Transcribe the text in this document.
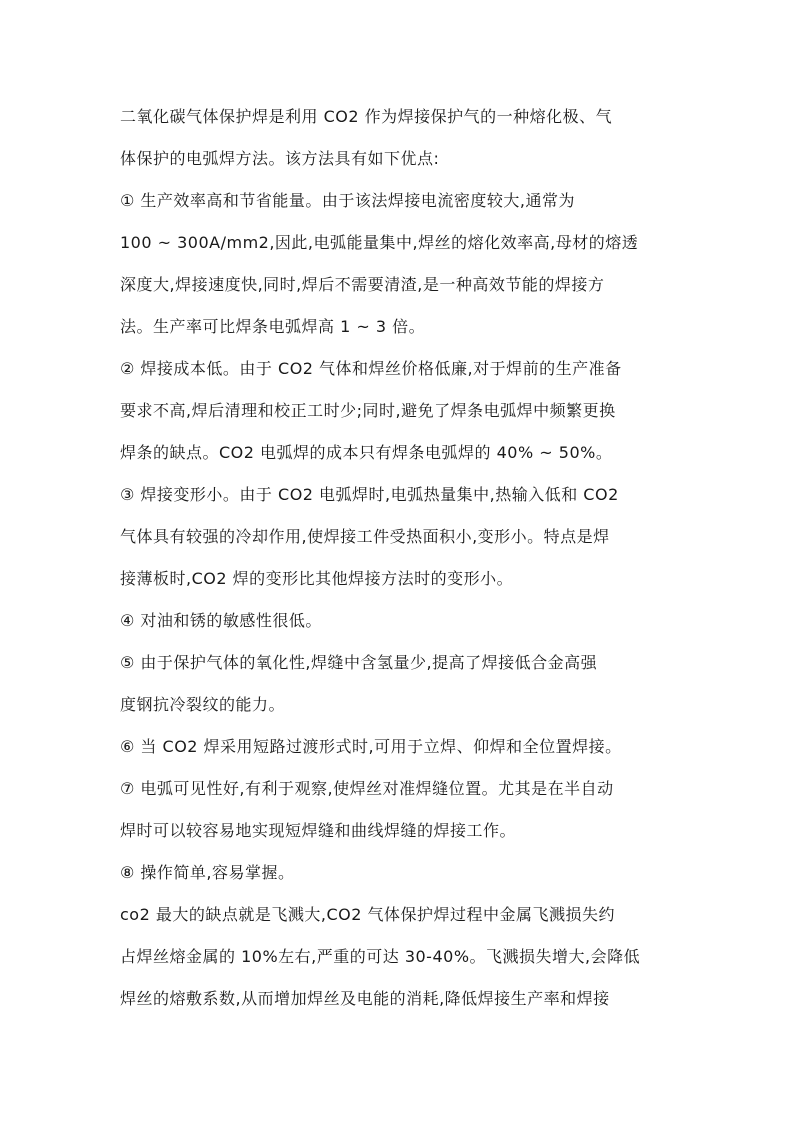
二氧化碳气体保护焊是利用 CO2 作为焊接保护气的一种熔化极、气
体保护的电弧焊方法。该方法具有如下优点:
① 生产效率高和节省能量。由于该法焊接电流密度较大,通常为
100 ~ 300A/mm2,因此,电弧能量集中,焊丝的熔化效率高,母材的熔透
深度大,焊接速度快,同时,焊后不需要清渣,是一种高效节能的焊接方
法。生产率可比焊条电弧焊高 1 ~ 3 倍。
② 焊接成本低。由于 CO2 气体和焊丝价格低廉,对于焊前的生产准备
要求不高,焊后清理和校正工时少;同时,避免了焊条电弧焊中频繁更换
焊条的缺点。CO2 电弧焊的成本只有焊条电弧焊的 40% ~ 50%。
③ 焊接变形小。由于 CO2 电弧焊时,电弧热量集中,热输入低和 CO2
气体具有较强的冷却作用,使焊接工件受热面积小,变形小。特点是焊
接薄板时,CO2 焊的变形比其他焊接方法时的变形小。
④ 对油和锈的敏感性很低。
⑤ 由于保护气体的氧化性,焊缝中含氢量少,提高了焊接低合金高强
度钢抗冷裂纹的能力。
⑥ 当 CO2 焊采用短路过渡形式时,可用于立焊、仰焊和全位置焊接。
⑦ 电弧可见性好,有利于观察,使焊丝对准焊缝位置。尤其是在半自动
焊时可以较容易地实现短焊缝和曲线焊缝的焊接工作。
⑧ 操作简单,容易掌握。
co2 最大的缺点就是飞溅大,CO2 气体保护焊过程中金属飞溅损失约
占焊丝熔金属的 10%左右,严重的可达 30-40%。飞溅损失增大,会降低
焊丝的熔敷系数,从而增加焊丝及电能的消耗,降低焊接生产率和焊接
